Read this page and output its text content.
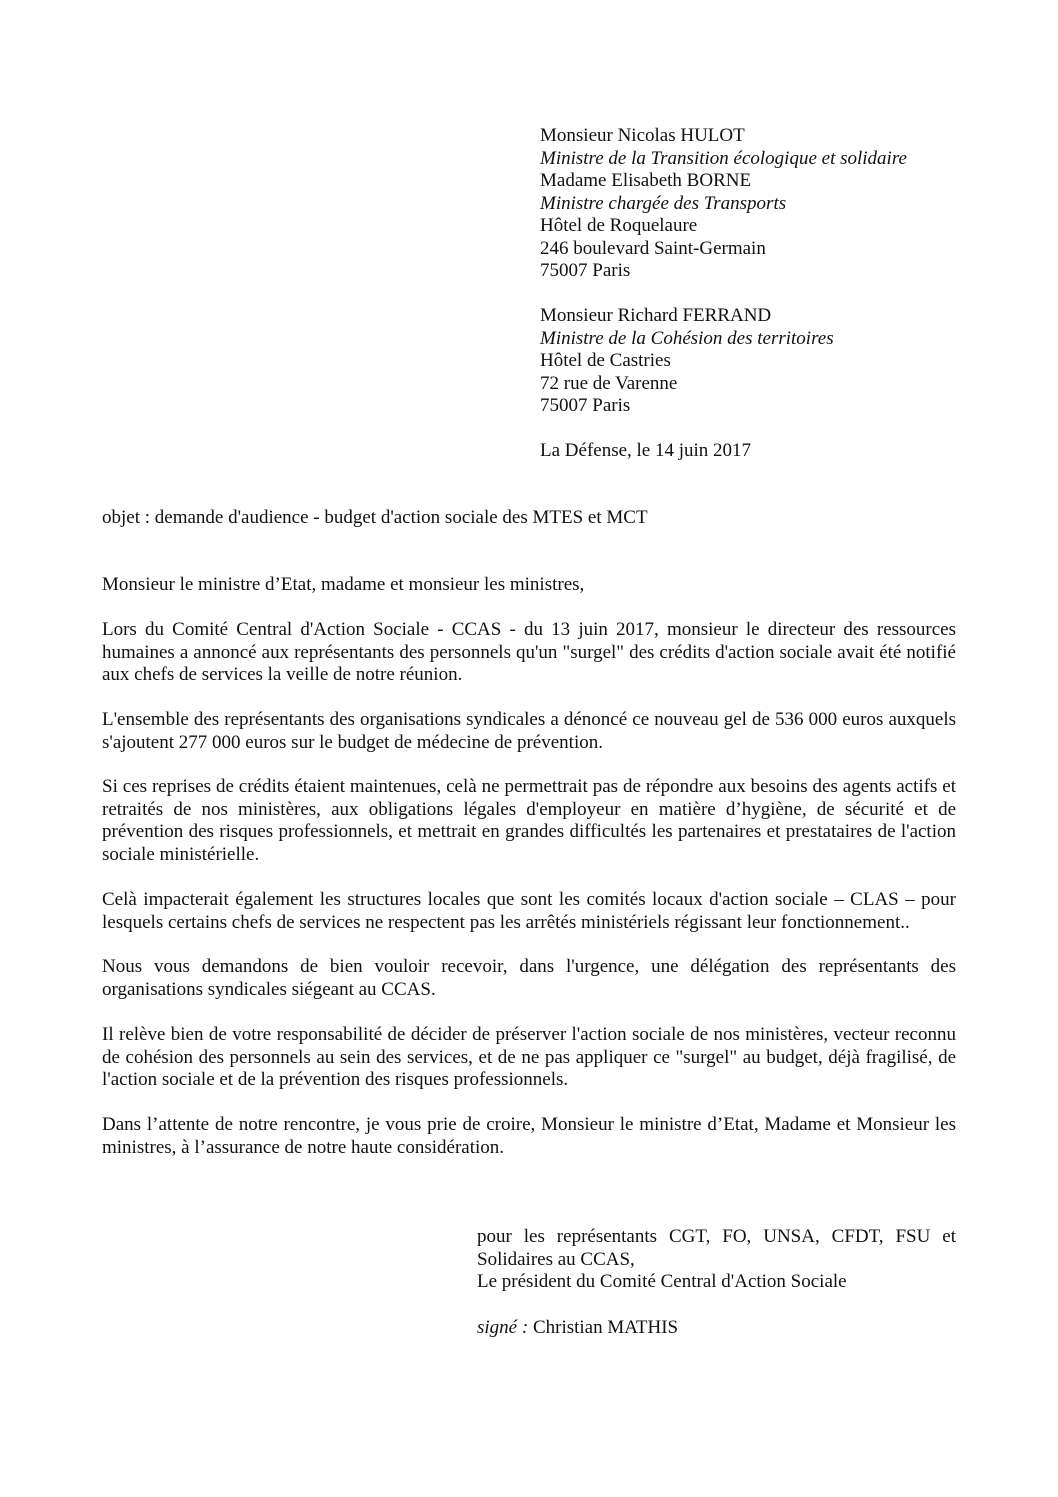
Monsieur Nicolas HULOT
Ministre de la Transition écologique et solidaire
Madame Elisabeth BORNE
Ministre chargée des Transports
Hôtel de Roquelaure
246 boulevard Saint-Germain
75007 Paris
Monsieur Richard FERRAND
Ministre de la Cohésion des territoires
Hôtel de Castries
72 rue de Varenne
75007 Paris
La Défense, le 14 juin 2017
objet : demande d'audience - budget d'action sociale des MTES et MCT
Monsieur le ministre d’Etat, madame et monsieur les ministres,
Lors du Comité Central d'Action Sociale - CCAS - du 13 juin 2017, monsieur le directeur des ressources humaines a annoncé aux représentants des personnels qu'un "surgel" des crédits d'action sociale avait été notifié aux chefs de services la veille de notre réunion.
L'ensemble des représentants des organisations syndicales a dénoncé ce nouveau gel de 536 000 euros auxquels s'ajoutent 277 000 euros sur le budget de médecine de prévention.
Si ces reprises de crédits étaient maintenues, celà ne permettrait pas de répondre aux besoins des agents actifs et retraités de nos ministères, aux obligations légales d'employeur en matière d’hygiène, de sécurité et de prévention des risques professionnels, et mettrait en grandes difficultés les partenaires et prestataires de l'action sociale ministérielle.
Celà impacterait également les structures locales que sont les comités locaux d'action sociale – CLAS – pour lesquels certains chefs de services ne respectent pas les arrêtés ministériels régissant leur fonctionnement..
Nous vous demandons de bien vouloir recevoir, dans l'urgence, une délégation des représentants des organisations syndicales siégeant au CCAS.
Il relève bien de votre responsabilité de décider de préserver l'action sociale de nos ministères, vecteur reconnu de cohésion des personnels au sein des services, et de ne pas appliquer ce "surgel" au budget, déjà fragilisé, de l'action sociale et de la prévention des risques professionnels.
Dans l’attente de notre rencontre, je vous prie de croire, Monsieur le ministre d’Etat, Madame et Monsieur les ministres, à l’assurance de notre haute considération.
pour les représentants CGT, FO, UNSA, CFDT, FSU et Solidaires au CCAS,
Le président du Comité Central d'Action Sociale
signé : Christian MATHIS
